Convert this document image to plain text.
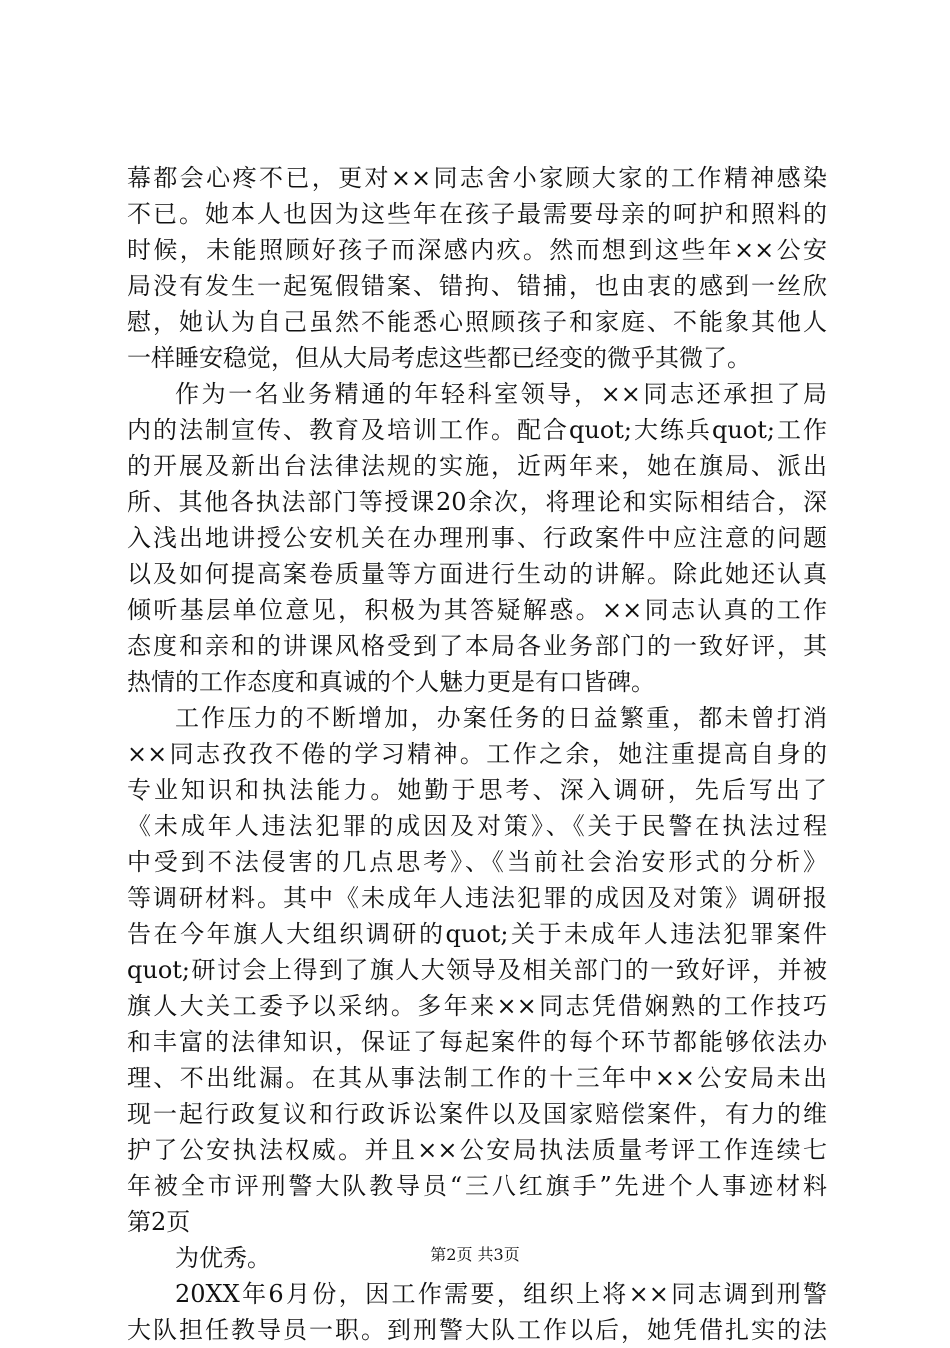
幕都会心疼不已，更对××同志舍小家顾大家的工作精神感染
不已。她本人也因为这些年在孩子最需要母亲的呵护和照料的
时候，未能照顾好孩子而深感内疚。然而想到这些年××公安
局没有发生一起冤假错案、错拘、错捕，也由衷的感到一丝欣
慰，她认为自己虽然不能悉心照顾孩子和家庭、不能象其他人
一样睡安稳觉，但从大局考虑这些都已经变的微乎其微了。
作为一名业务精通的年轻科室领导，××同志还承担了局
内的法制宣传、教育及培训工作。配合quot;大练兵quot;工作
的开展及新出台法律法规的实施，近两年来，她在旗局、派出
所、其他各执法部门等授课20余次，将理论和实际相结合，深
入浅出地讲授公安机关在办理刑事、行政案件中应注意的问题
以及如何提高案卷质量等方面进行生动的讲解。除此她还认真
倾听基层单位意见，积极为其答疑解惑。××同志认真的工作
态度和亲和的讲课风格受到了本局各业务部门的一致好评，其
热情的工作态度和真诚的个人魅力更是有口皆碑。
工作压力的不断增加，办案任务的日益繁重，都未曾打消
××同志孜孜不倦的学习精神。工作之余，她注重提高自身的
专业知识和执法能力。她勤于思考、深入调研，先后写出了
《未成年人违法犯罪的成因及对策》、《关于民警在执法过程
中受到不法侵害的几点思考》、《当前社会治安形式的分析》
等调研材料。其中《未成年人违法犯罪的成因及对策》调研报
告在今年旗人大组织调研的quot;关于未成年人违法犯罪案件
quot;研讨会上得到了旗人大领导及相关部门的一致好评，并被
旗人大关工委予以采纳。多年来××同志凭借娴熟的工作技巧
和丰富的法律知识，保证了每起案件的每个环节都能够依法办
理、不出纰漏。在其从事法制工作的十三年中××公安局未出
现一起行政复议和行政诉讼案件以及国家赔偿案件，有力的维
护了公安执法权威。并且××公安局执法质量考评工作连续七
年被全市评刑警大队教导员“三八红旗手”先进个人事迹材料
第2页
为优秀。
20XX年6月份，因工作需要，组织上将××同志调到刑警
大队担任教导员一职。到刑警大队工作以后，她凭借扎实的法
第2页 共3页
